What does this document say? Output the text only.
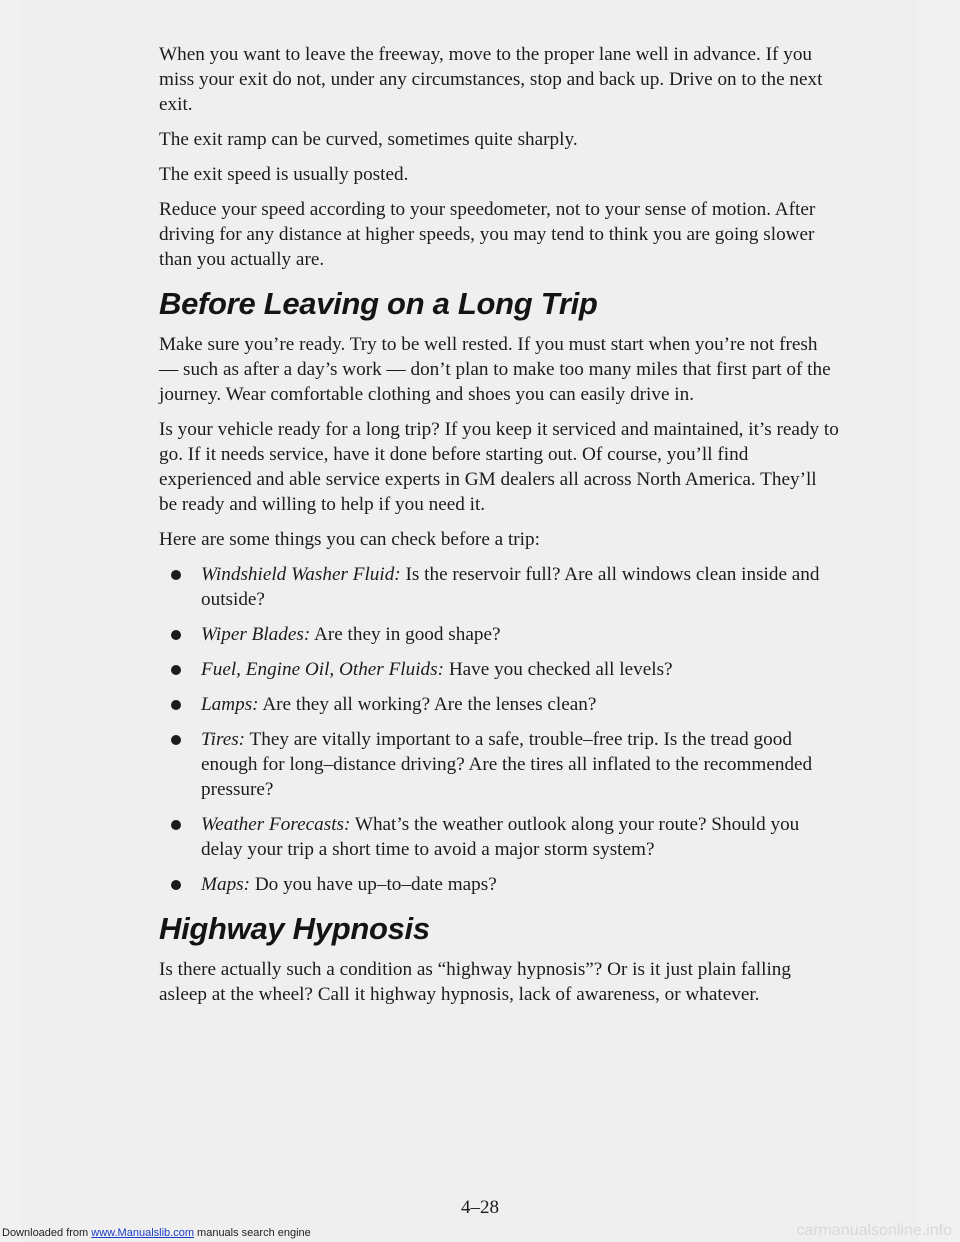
When you want to leave the freeway, move to the proper lane well in advance. If you miss your exit do not, under any circumstances, stop and back up. Drive on to the next exit.

The exit ramp can be curved, sometimes quite sharply.

The exit speed is usually posted.

Reduce your speed according to your speedometer, not to your sense of motion. After driving for any distance at higher speeds, you may tend to think you are going slower than you actually are.

Before Leaving on a Long Trip

Make sure you’re ready. Try to be well rested. If you must start when you’re not fresh — such as after a day’s work — don’t plan to make too many miles that first part of the journey. Wear comfortable clothing and shoes you can easily drive in.

Is your vehicle ready for a long trip? If you keep it serviced and maintained, it’s ready to go. If it needs service, have it done before starting out. Of course, you’ll find experienced and able service experts in GM dealers all across North America. They’ll be ready and willing to help if you need it.

Here are some things you can check before a trip:

Windshield Washer Fluid: Is the reservoir full? Are all windows clean inside and outside?
Wiper Blades: Are they in good shape?
Fuel, Engine Oil, Other Fluids: Have you checked all levels?
Lamps: Are they all working? Are the lenses clean?
Tires: They are vitally important to a safe, trouble–free trip. Is the tread good enough for long–distance driving? Are the tires all inflated to the recommended pressure?
Weather Forecasts: What’s the weather outlook along your route? Should you delay your trip a short time to avoid a major storm system?
Maps: Do you have up–to–date maps?
Highway Hypnosis

Is there actually such a condition as “highway hypnosis”? Or is it just plain falling asleep at the wheel? Call it highway hypnosis, lack of awareness, or whatever.

4–28
Downloaded from www.Manualslib.com manuals search engine	carmanualsonline.info
